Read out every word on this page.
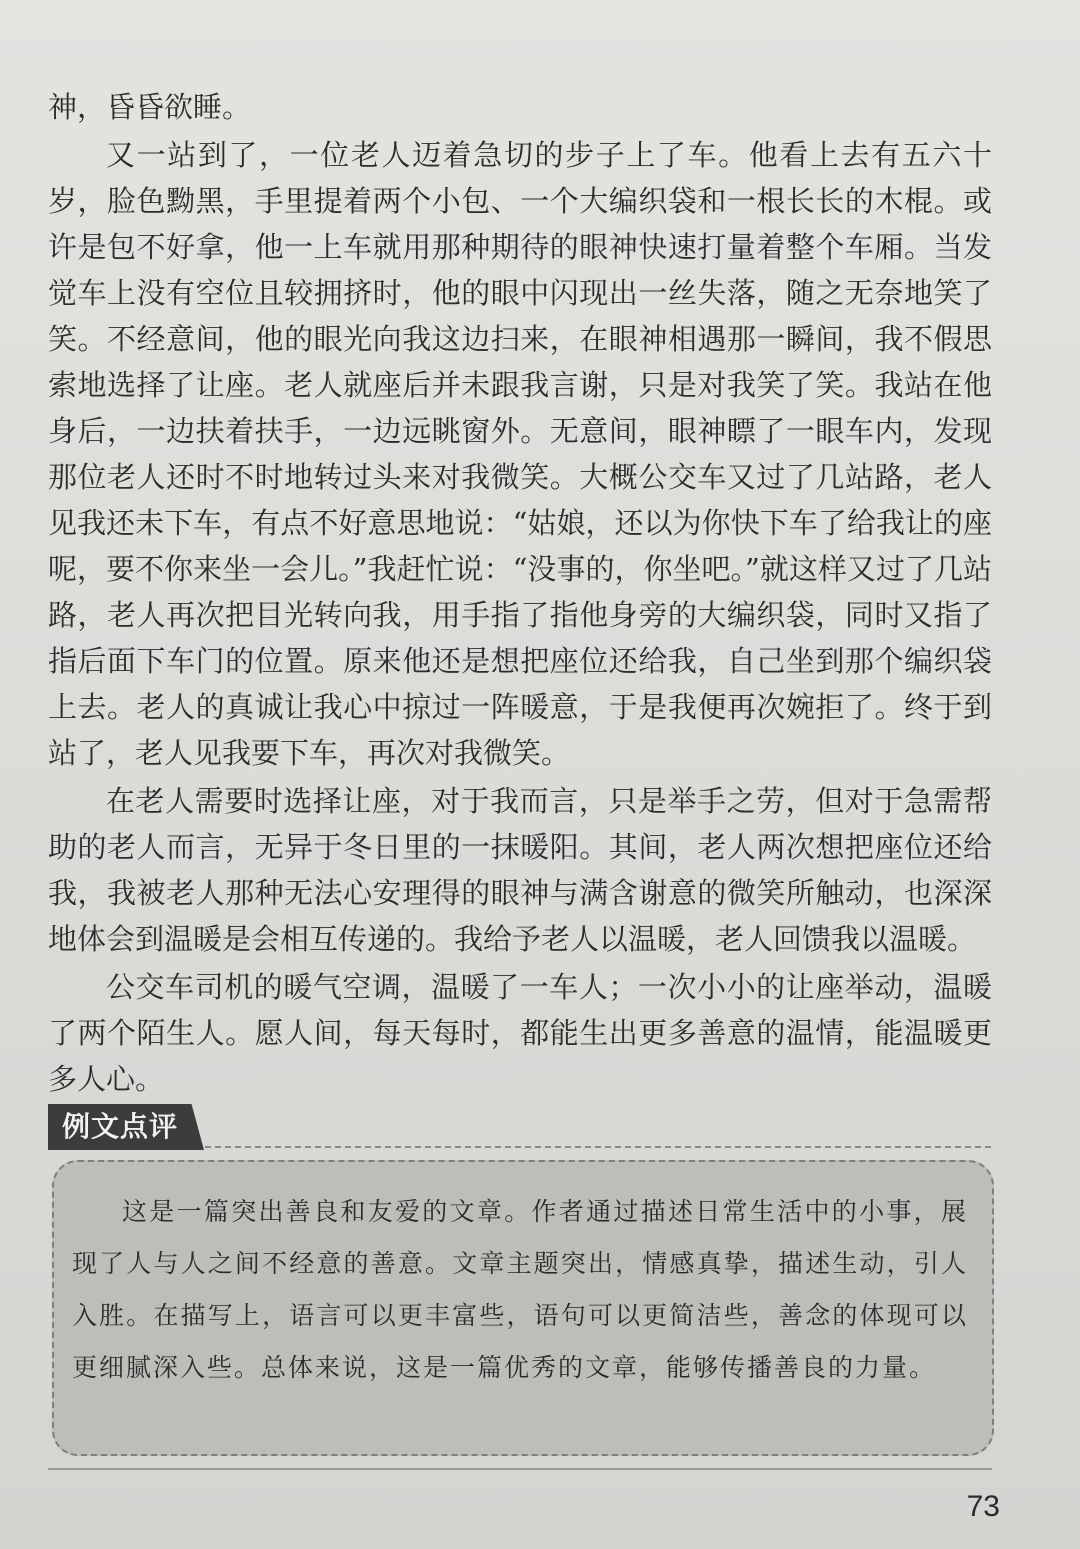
神，昏昏欲睡。

又一站到了，一位老人迈着急切的步子上了车。他看上去有五六十岁，脸色黝黑，手里提着两个小包、一个大编织袋和一根长长的木棍。或许是包不好拿，他一上车就用那种期待的眼神快速打量着整个车厢。当发觉车上没有空位且较拥挤时，他的眼中闪现出一丝失落，随之无奈地笑了笑。不经意间，他的眼光向我这边扫来，在眼神相遇那一瞬间，我不假思索地选择了让座。老人就座后并未跟我言谢，只是对我笑了笑。我站在他身后，一边扶着扶手，一边远眺窗外。无意间，眼神瞟了一眼车内，发现那位老人还时不时地转过头来对我微笑。大概公交车又过了几站路，老人见我还未下车，有点不好意思地说：“姑娘，还以为你快下车了给我让的座呢，要不你来坐一会儿。”我赶忙说：“没事的，你坐吧。”就这样又过了几站路，老人再次把目光转向我，用手指了指他身旁的大编织袋，同时又指了指后面下车门的位置。原来他还是想把座位还给我，自己坐到那个编织袋上去。老人的真诚让我心中掠过一阵暖意，于是我便再次婉拒了。终于到站了，老人见我要下车，再次对我微笑。

在老人需要时选择让座，对于我而言，只是举手之劳，但对于急需帮助的老人而言，无异于冬日里的一抹暖阳。其间，老人两次想把座位还给我，我被老人那种无法心安理得的眼神与满含谢意的微笑所触动，也深深地体会到温暖是会相互传递的。我给予老人以温暖，老人回馈我以温暖。

公交车司机的暖气空调，温暖了一车人；一次小小的让座举动，温暖了两个陌生人。愿人间，每天每时，都能生出更多善意的温情，能温暖更多人心。

例文点评

这是一篇突出善良和友爱的文章。作者通过描述日常生活中的小事，展现了人与人之间不经意的善意。文章主题突出，情感真挚，描述生动，引人入胜。在描写上，语言可以更丰富些，语句可以更简洁些，善念的体现可以更细腻深入些。总体来说，这是一篇优秀的文章，能够传播善良的力量。

73
